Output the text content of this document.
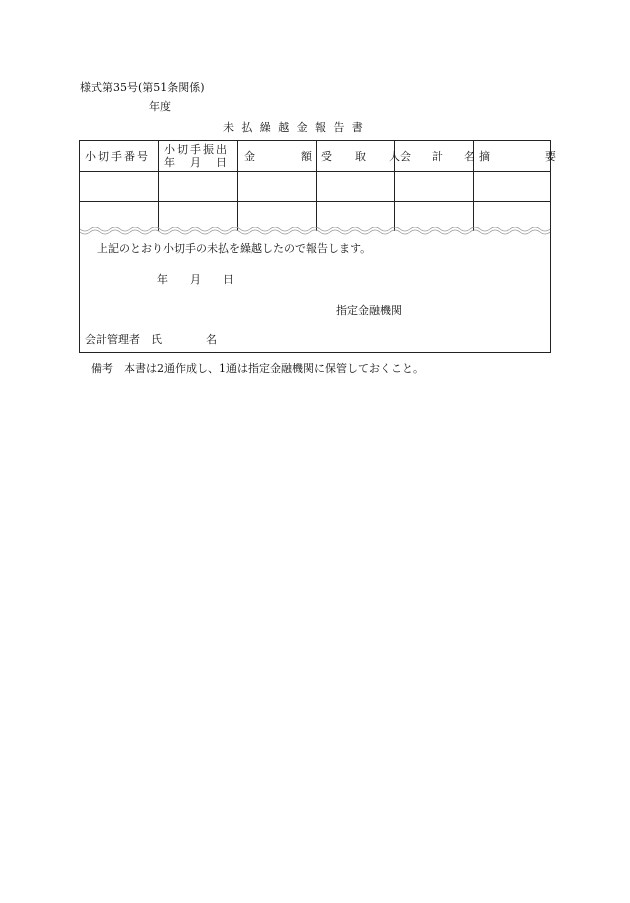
様式第35号(第51条関係)
年度
未払繰越金報告書
小切手番号
小切手振出
年　月　日 金　　額 受　取　人
会　計　名 摘　　要
上記のとおり小切手の未払を繰越したので報告します。
年　　月　　日
指定金融機関
会計管理者　氏　　　　名
備考　本書は2通作成し、1通は指定金融機関に保管しておくこと。
